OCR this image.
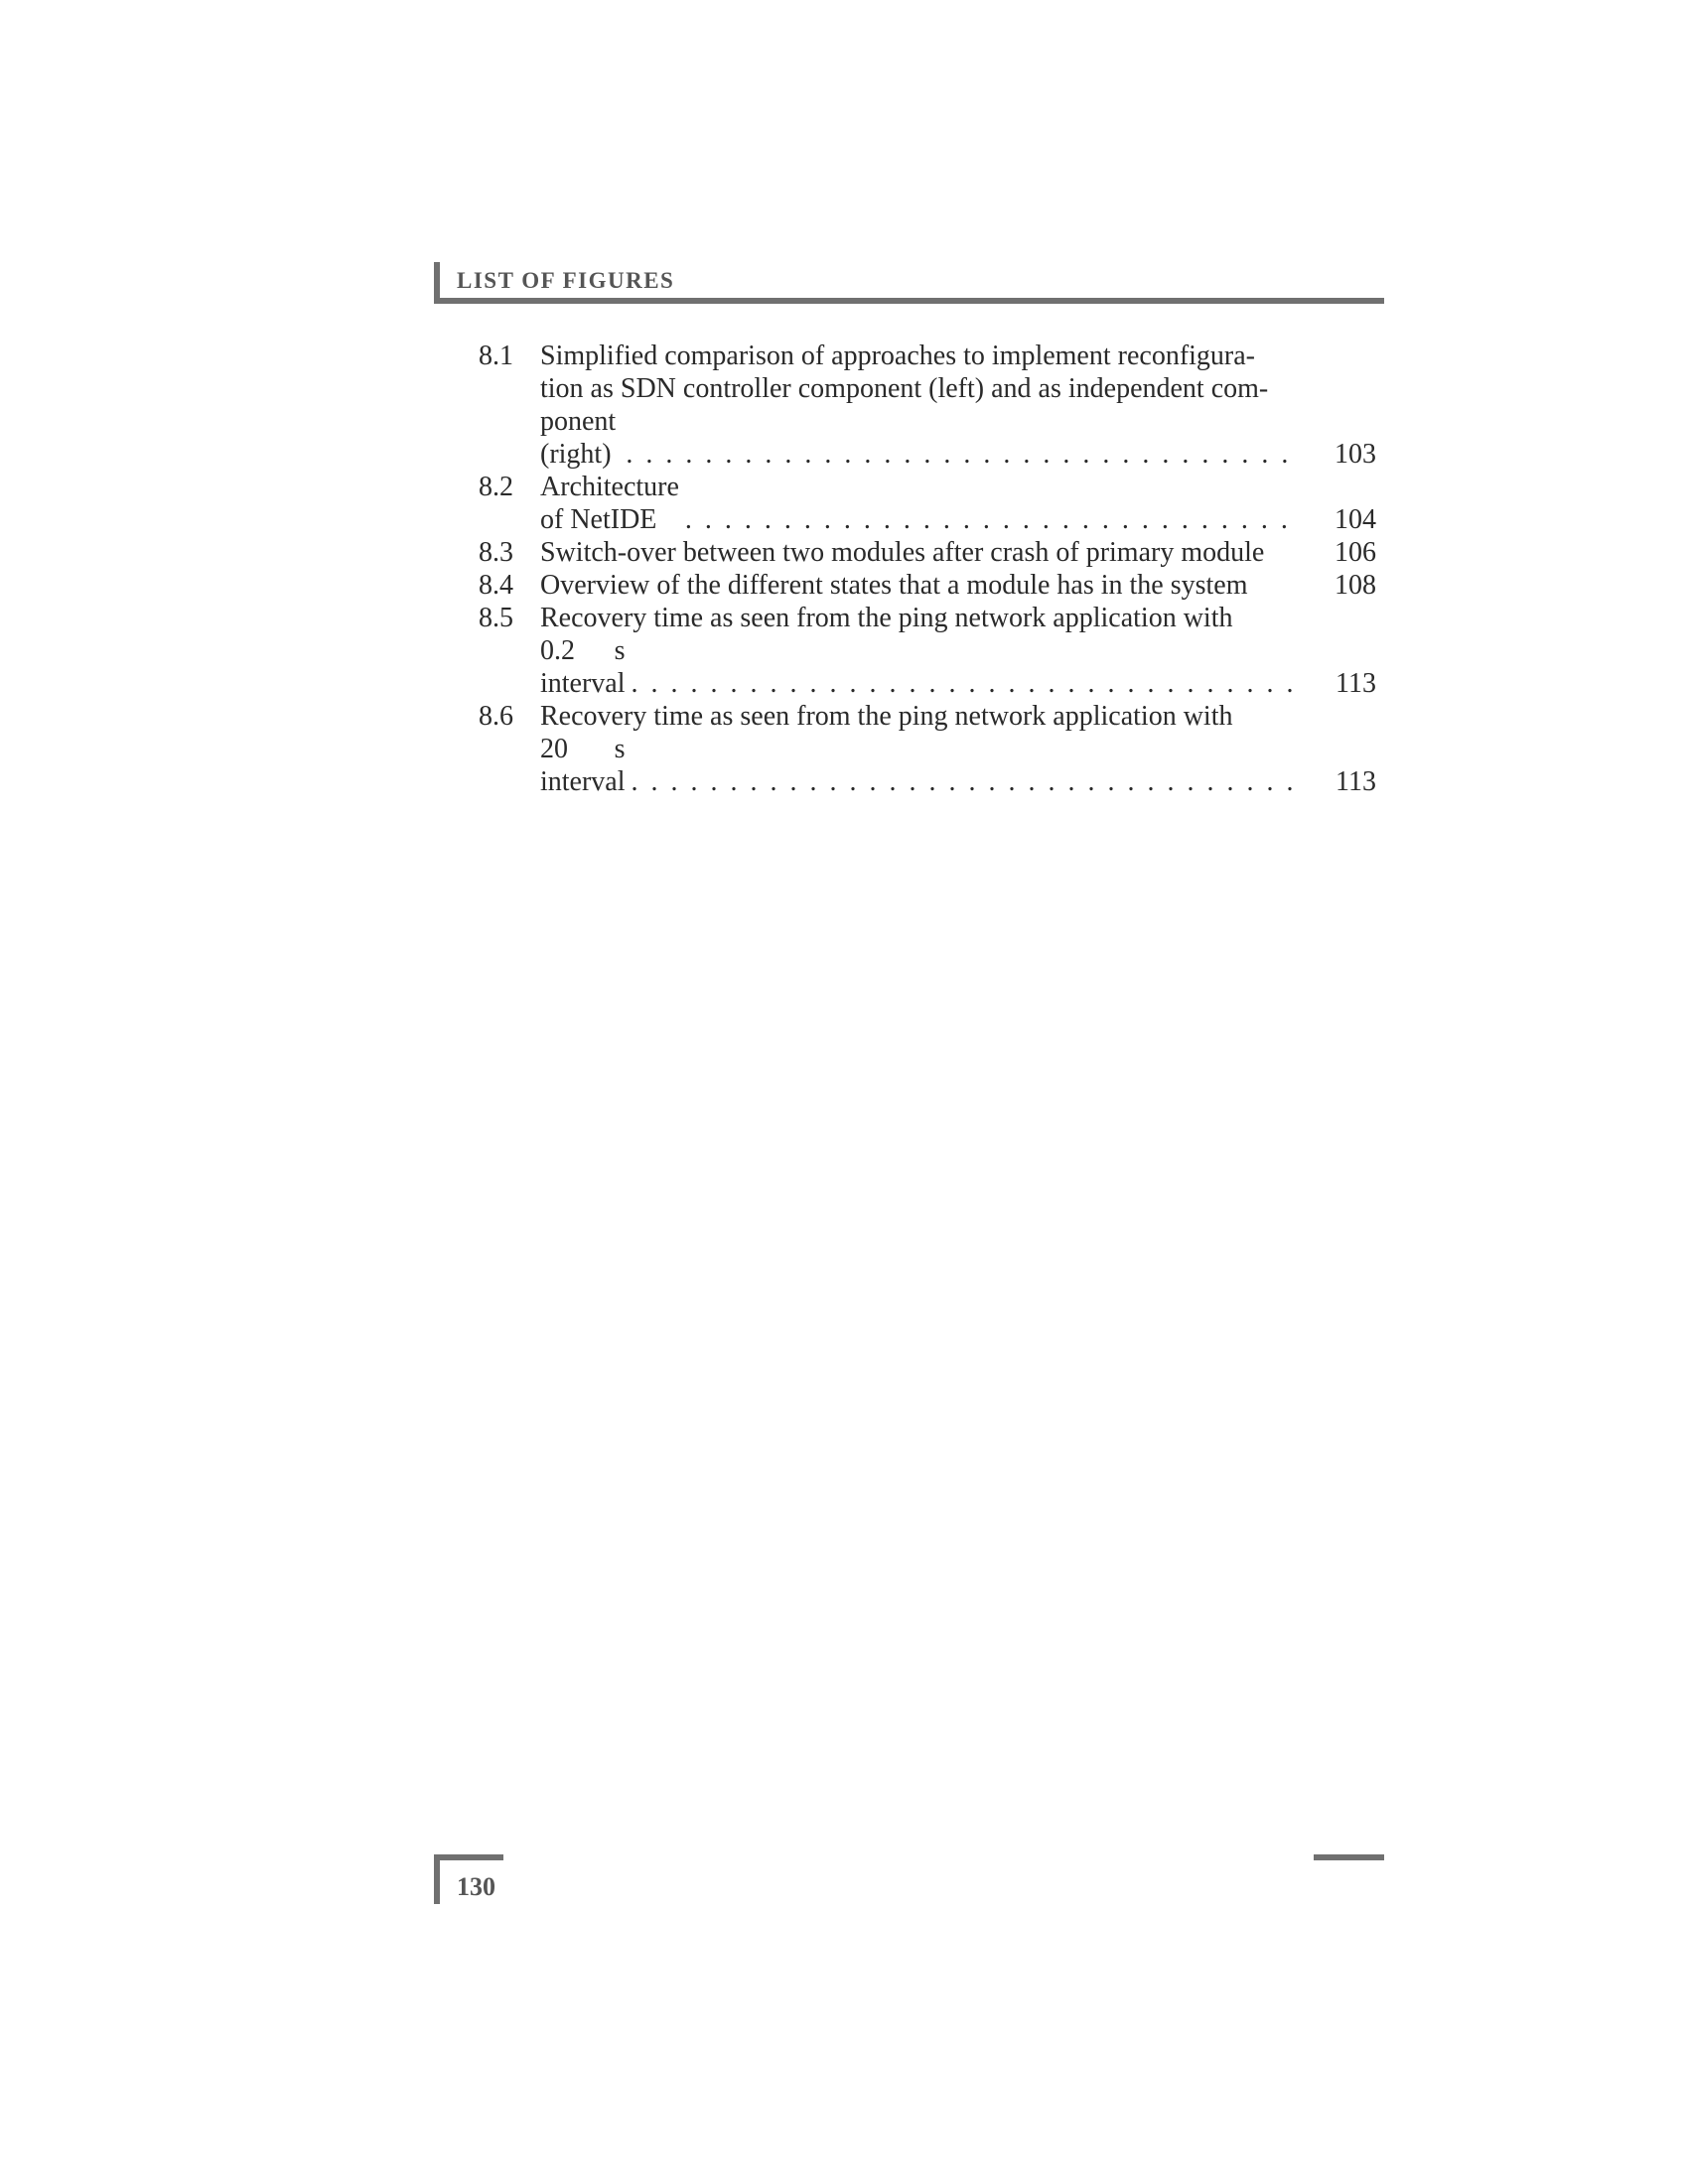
LIST OF FIGURES
8.1 Simplified comparison of approaches to implement reconfigura-
tion as SDN controller component (left) and as independent com-
ponent (right) . . .	103
8.2 Architecture of NetIDE . . .	104
8.3 Switch-over between two modules after crash of primary module	106
8.4 Overview of the different states that a module has in the system	108
8.5 Recovery time as seen from the ping network application with
0.2 s interval . . .	113
8.6 Recovery time as seen from the ping network application with
20 s interval . . .	113
130
